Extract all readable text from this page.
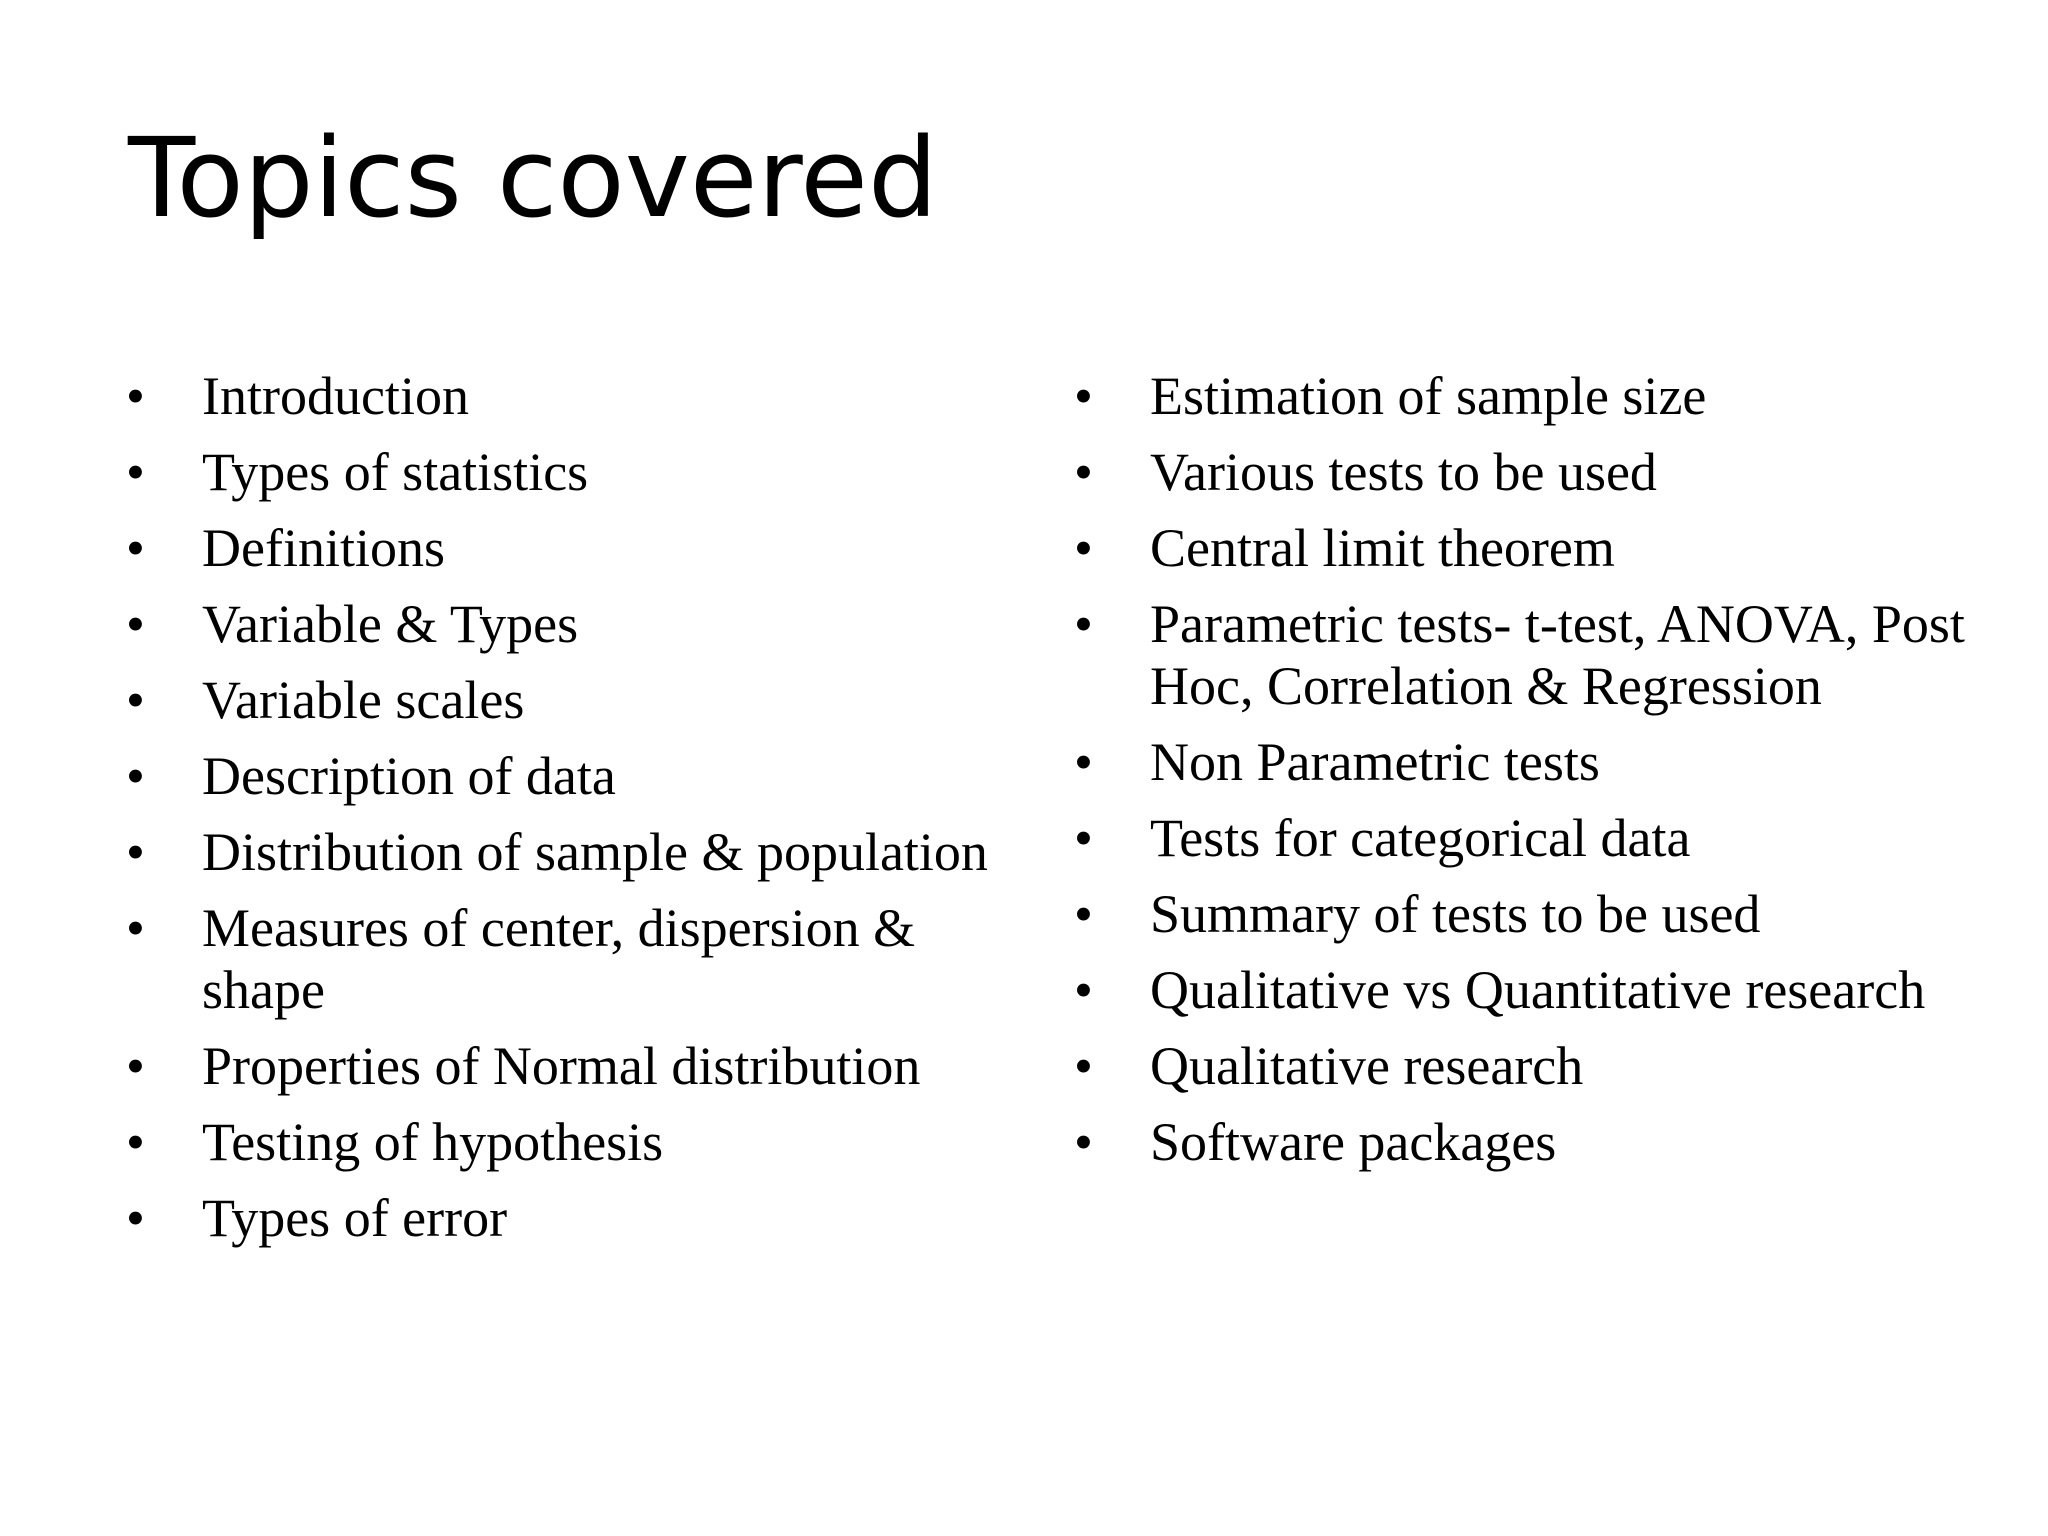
Topics covered
• Introduction
• Types of statistics
• Definitions
• Variable & Types
• Variable scales
• Description of data
• Distribution of sample & population
• Measures of center, dispersion & shape
• Properties of Normal distribution
• Testing of hypothesis
• Types of error
• Estimation of sample size
• Various tests to be used
• Central limit theorem
• Parametric tests- t-test, ANOVA, Post Hoc, Correlation & Regression
• Non Parametric tests
• Tests for categorical data
• Summary of tests to be used
• Qualitative vs Quantitative research
• Qualitative research
• Software packages
